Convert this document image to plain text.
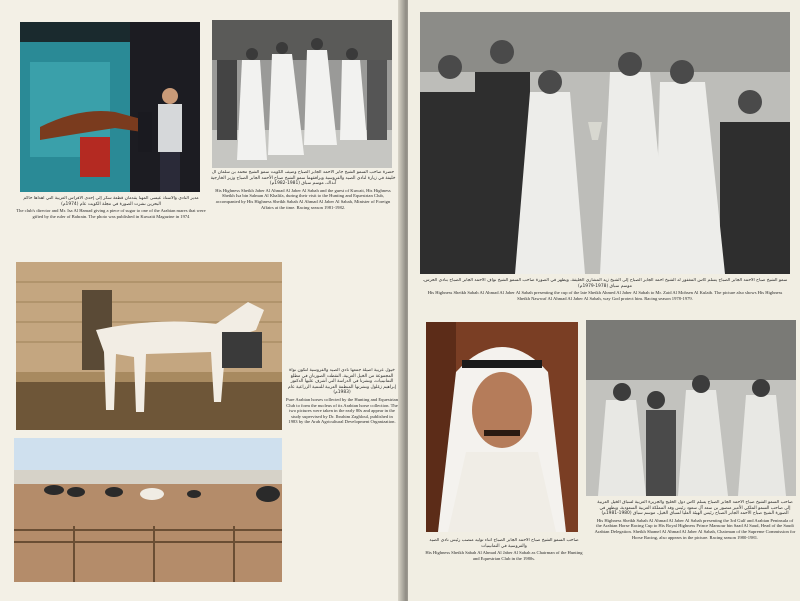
مدير النادي والأستاذ عيسى المهنا يقدمان قطعة سكر إلى إحدى الأفراس العربية التي أهداها حاكم البحرين نشرت الصورة في مجلة الكويت عام (1974م)
The club's director and Mr. Isa Al Hamad giving a piece of sugar to one of the Arabian mares that were gifted by the ruler of Bahrain. The photo was published in Kuwaiti Magazine in 1974
حضرة صاحب السمو الشيخ جابر الأحمد الجابر الصباح وضيف الكويت سمو الشيخ محمد بن سلمان آل خليفة في زيارة لنادي الصيد والفروسية ويرافقهما سمو الشيخ صباح الأحمد الجابر الصباح وزير الخارجية آنذاك، موسم سباق (1981-1982م)
His Highness Sheikh Jaber Al Ahmad Al Jaber Al Sabah and the guest of Kuwait, His Highness Sheikh Isa bin Salman Al Khalifa, during their visit to the Hunting and Equestrian Club, accompanied by His Highness Sheikh Sabah Al Ahmad Al Jaber Al Sabah, Minister of Foreign Affairs at the time. Racing season 1981-1982.
خيول عربية أصيلة جمعها نادي الصيد والفروسية لتكون نواة المجموعة من الخيل العربية، التقطت الصورتان في مطلع الثمانينيات، ونشرتا في الدراسة التي أشرف عليها الدكتور إبراهيم زغلول ونشرتها المنظمة العربية للتنمية الزراعية عام (1983م)
Pure Arabian horses collected by the Hunting and Equestrian Club to form the nucleus of its Arabian horse collection. The two pictures were taken in the early 80s and appear in the study supervised by Dr. Ibrahim Zaghloul, published in 1983 by the Arab Agricultural Development Organization.
سمو الشيخ صباح الأحمد الجابر الصباح يسلم كأس المغفور له الشيخ أحمد الجابر الصباح إلى الشيخ زيد المشاري الخليفة، ويظهر في الصورة صاحب السمو الشيخ نواف الأحمد الجابر الصباح بنادي الحرس، موسم سباق (1978-1979م)
His Highness Sheikh Sabah Al Ahmad Al Jaber Al Sabah presenting the cup of the late Sheikh Ahmed Al Jaber Al Sabah to Mr. Zaid Al Mohsen Al Kulaib. The picture also shows His Highness Sheikh Nawwaf Al Ahmad Al Jaber Al Sabah, way God protect him. Racing season 1978-1979.
صاحب السمو الشيخ صباح الأحمد الجابر الصباح أثناء توليه منصب رئيس نادي الصيد والفروسية في الثمانينيات
His Highness Sheikh Sabah Al Ahmad Al Jaber Al Sabah as Chairman of the Hunting and Equestrian Club in the 1980s.
صاحب السمو الشيخ صباح الأحمد الجابر الصباح يسلم كأس دول الخليج والجزيرة العربية لسباق الخيل العربية إلى صاحب السمو الملكي الأمير منصور بن سعد آل سعود رئيس وفد المملكة العربية السعودية، ويظهر في الصورة الشيخ صباح الأحمد الجابر الصباح رئيس الهيئة العليا لسباق الخيل، موسم سباق (1980-1981م)
His Highness Sheikh Sabah Al Ahmad Al Jaber Al Sabah presenting the 3rd Gulf and Arabian Peninsula of the Arabian Horse Racing Cup to His Royal Highness Prince Mansour bin Saad Al Saud, Head of the Saudi Arabian Delegation. Sheikh Shamel Al Ahmad Al Jaber Al Sabah, Chairman of the Supreme Commission for Horse Racing, also appears in the picture. Racing season 1980-1981.
